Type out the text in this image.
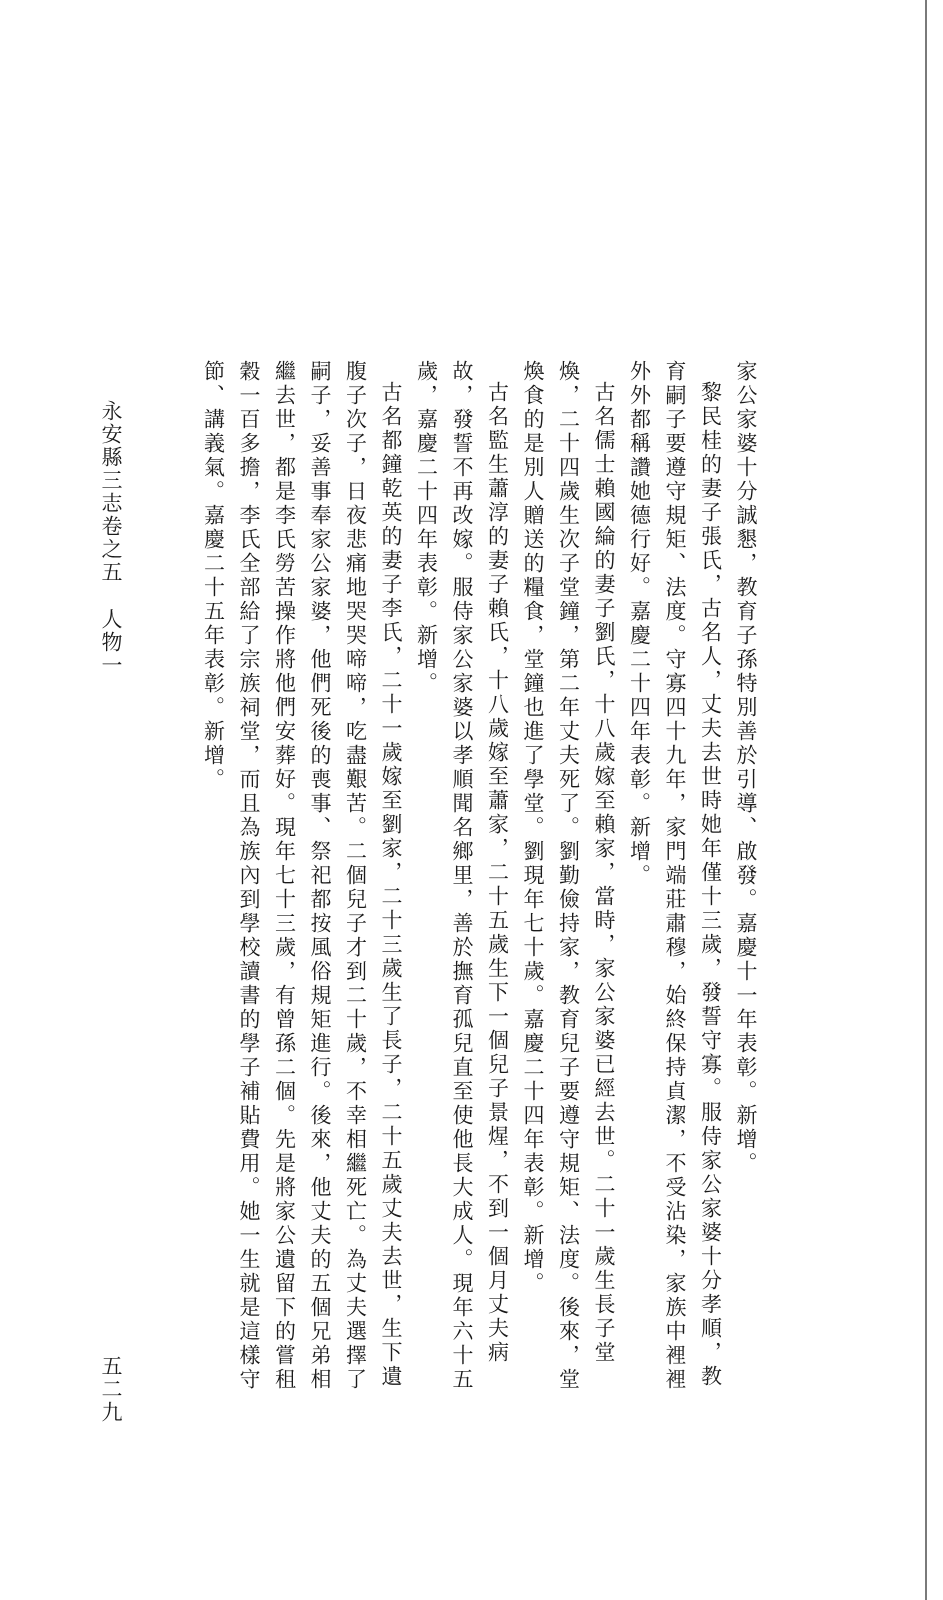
家公家婆十分誠懇，教育子孫特別善於引導、啟發。嘉慶十一年表彰。新增。

黎民桂的妻子張氏，古名人，丈夫去世時她年僅十三歲，發誓守寡。服侍家公家婆十分孝順，教育嗣子要遵守規矩、法度。守寡四十九年，家門端莊肅穆，始終保持貞潔，不受沾染，家族中裡裡外外都稱讚她德行好。嘉慶二十四年表彰。新增。

古名儒士賴國綸的妻子劉氏，十八歲嫁至賴家，當時，家公家婆已經去世。二十一歲生長子堂煥，二十四歲生次子堂鐘，第二年丈夫死了。劉勤儉持家，教育兒子要遵守規矩、法度。後來，堂煥食的是別人贈送的糧食，堂鐘也進了學堂。劉現年七十歲。嘉慶二十四年表彰。新增。

古名監生蕭淳的妻子賴氏，十八歲嫁至蕭家，二十五歲生下一個兒子景煋，不到一個月丈夫病故，發誓不再改嫁。服侍家公家婆以孝順聞名鄉里，善於撫育孤兒直至使他長大成人。現年六十五歲，嘉慶二十四年表彰。新增。

古名都鐘乾英的妻子李氏，二十一歲嫁至劉家，二十三歲生了長子，二十五歲丈夫去世，生下遺腹子次子，日夜悲痛地哭哭啼啼，吃盡艱苦。二個兒子才到二十歲，不幸相繼死亡。為丈夫選擇了嗣子，妥善事奉家公家婆，他們死後的喪事、祭祀都按風俗規矩進行。後來，他丈夫的五個兄弟相繼去世，都是李氏勞苦操作將他們安葬好。現年七十三歲，有曾孫二個。先是將家公遺留下的嘗租穀一百多擔，李氏全部給了宗族祠堂，而且為族內到學校讀書的學子補貼費用。她一生就是這樣守節、講義氣。嘉慶二十五年表彰。新增。

永安縣三志卷之五人物一
五二九
